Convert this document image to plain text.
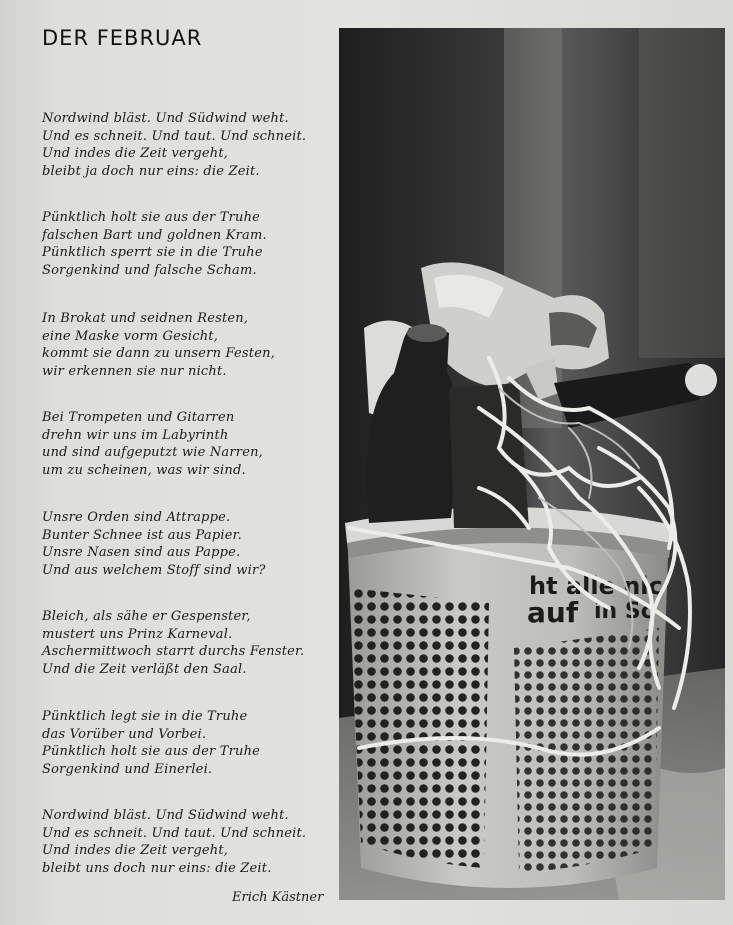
DER FEBRUAR
Nordwind bläst. Und Südwind weht.
Und es schneit. Und taut. Und schneit.
Und indes die Zeit vergeht,
bleibt ja doch nur eins: die Zeit.
Pünktlich holt sie aus der Truhe
falschen Bart und goldnen Kram.
Pünktlich sperrt sie in die Truhe
Sorgenkind und falsche Scham.
In Brokat und seidnen Resten,
eine Maske vorm Gesicht,
kommt sie dann zu unsern Festen,
wir erkennen sie nur nicht.
Bei Trompeten und Gitarren
drehn wir uns im Labyrinth
und sind aufgeputzt wie Narren,
um zu scheinen, was wir sind.
Unsre Orden sind Attrappe.
Bunter Schnee ist aus Papier.
Unsre Nasen sind aus Pappe.
Und aus welchem Stoff sind wir?
Bleich, als sähe er Gespenster,
mustert uns Prinz Karneval.
Aschermittwoch starrt durchs Fenster.
Und die Zeit verläßt den Saal.
Pünktlich legt sie in die Truhe
das Vorüber und Vorbei.
Pünktlich holt sie aus der Truhe
Sorgenkind und Einerlei.
Nordwind bläst. Und Südwind weht.
Und es schneit. Und taut. Und schneit.
Und indes die Zeit vergeht,
bleibt uns doch nur eins: die Zeit.
Erich Kästner
ht alle nic
auf in Sc
